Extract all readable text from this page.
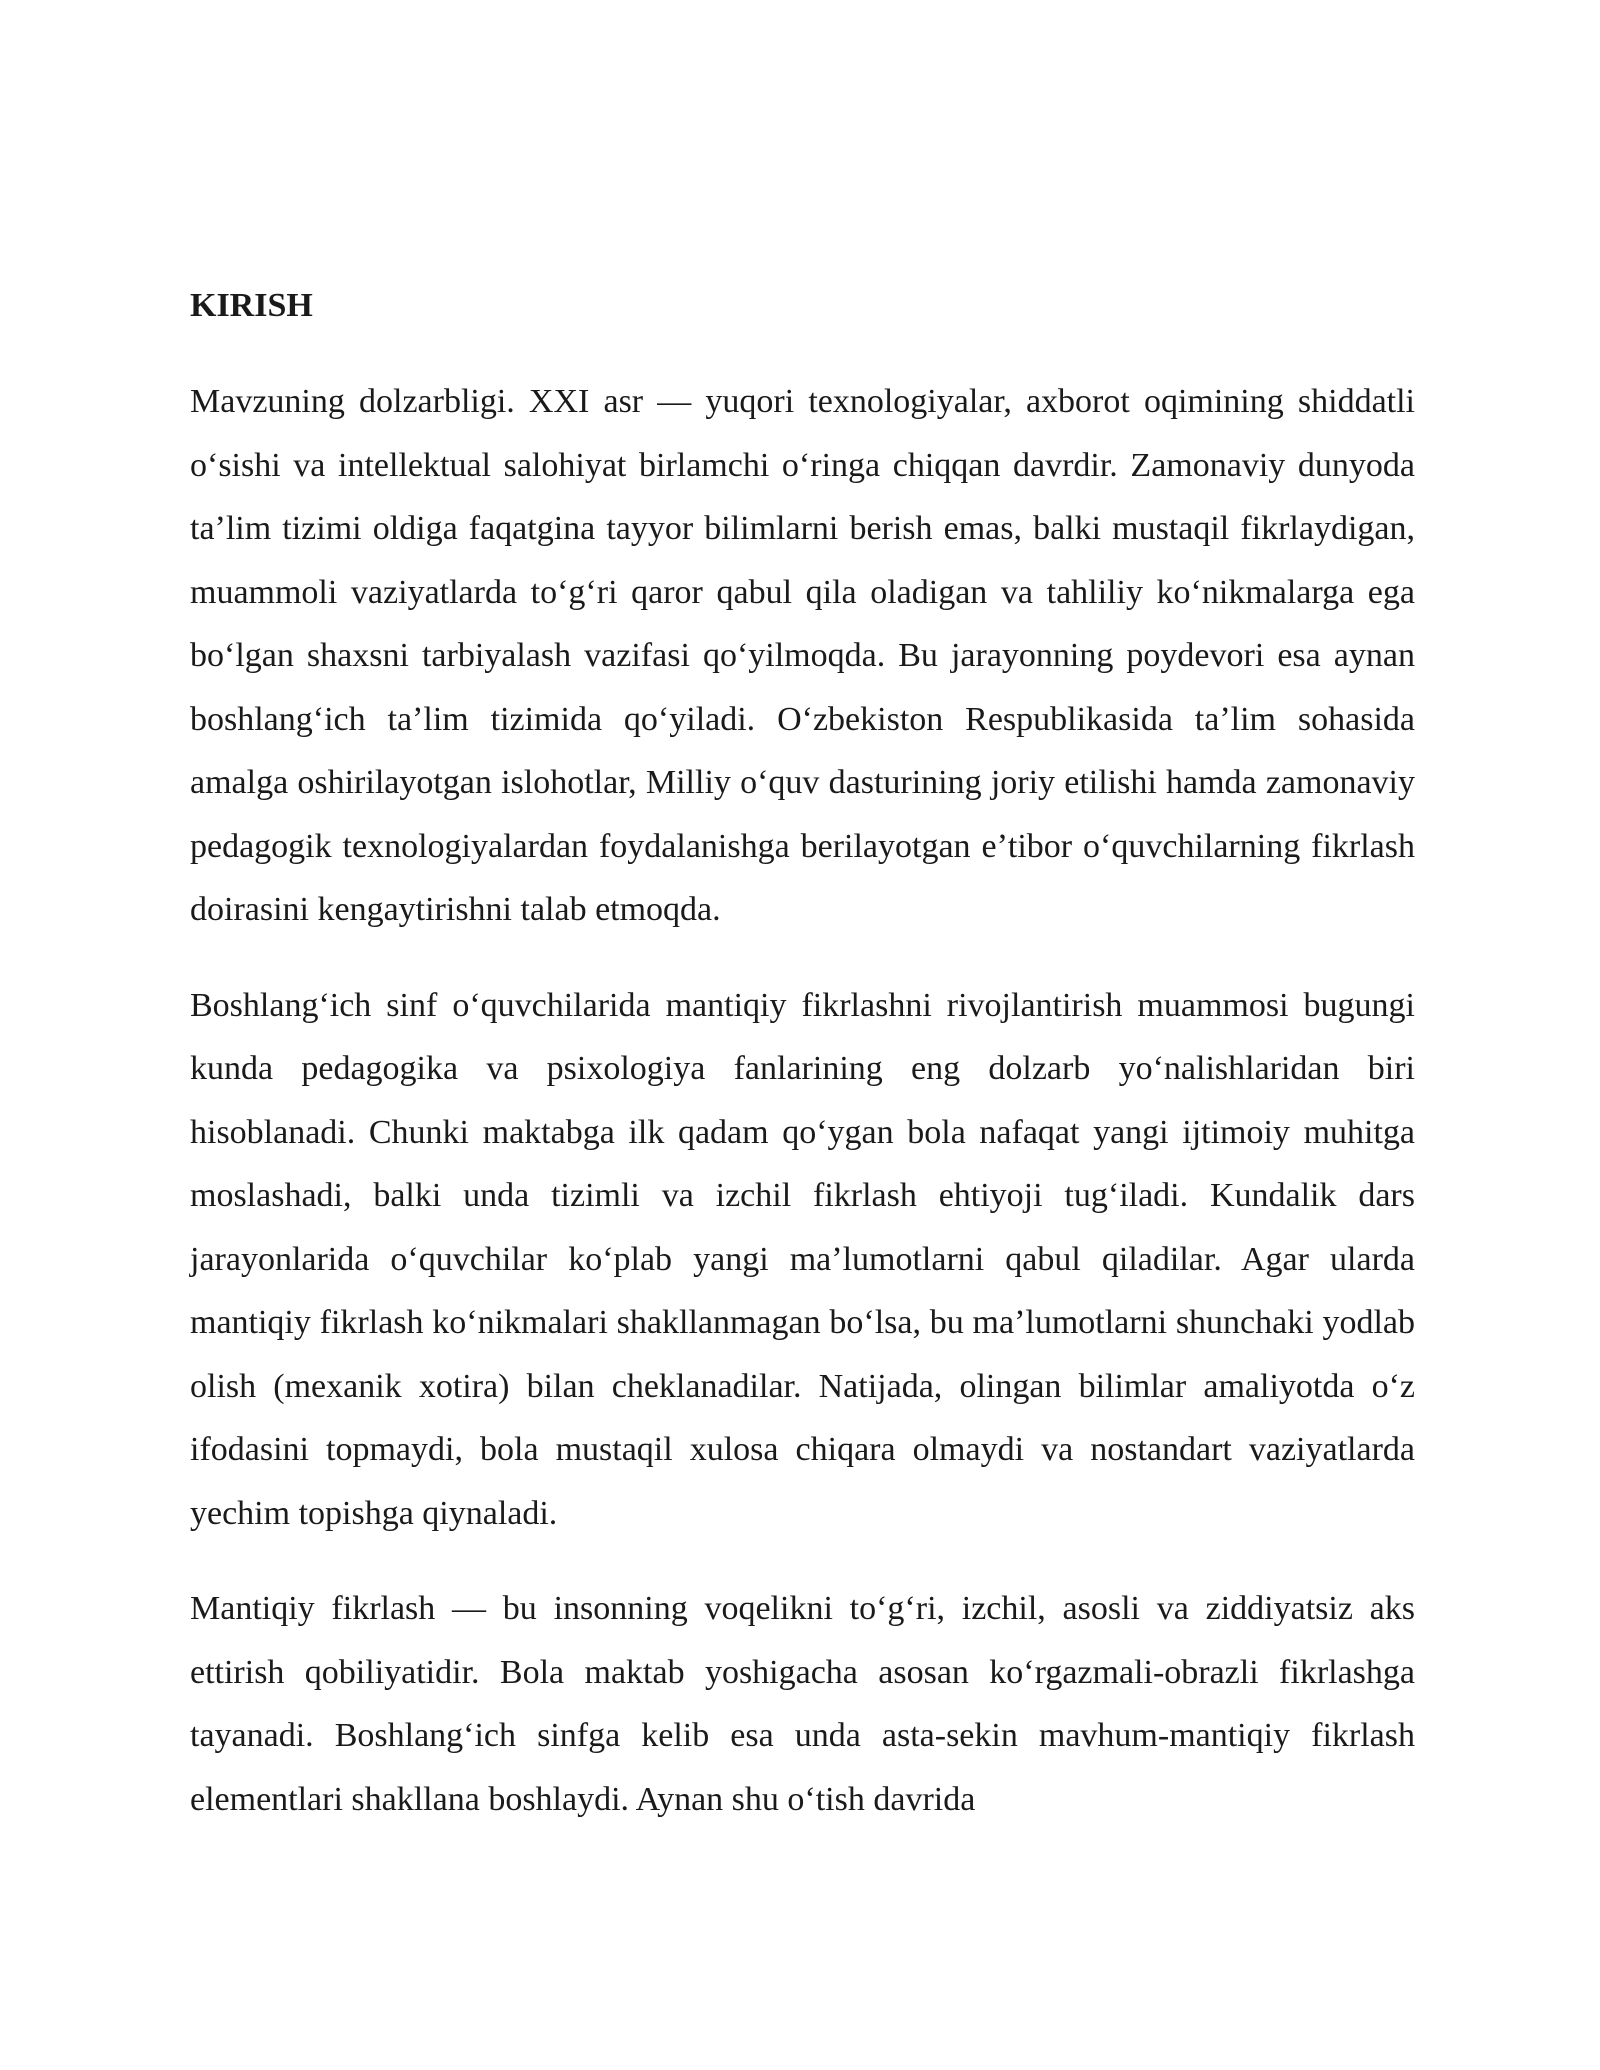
KIRISH

Mavzuning dolzarbligi. XXI asr — yuqori texnologiyalar, axborot oqimining shiddatli oʻsishi va intellektual salohiyat birlamchi oʻringa chiqqan davrdir. Zamonaviy dunyoda taʼlim tizimi oldiga faqatgina tayyor bilimlarni berish emas, balki mustaqil fikrlaydigan, muammoli vaziyatlarda toʻgʻri qaror qabul qila oladigan va tahliliy koʻnikmalarga ega boʻlgan shaxsni tarbiyalash vazifasi qoʻyilmoqda. Bu jarayonning poydevori esa aynan boshlangʻich taʼlim tizimida qoʻyiladi. Oʻzbekiston Respublikasida taʼlim sohasida amalga oshirilayotgan islohotlar, Milliy oʻquv dasturining joriy etilishi hamda zamonaviy pedagogik texnologiyalardan foydalanishga berilayotgan eʼtibor oʻquvchilarning fikrlash doirasini kengaytirishni talab etmoqda.

Boshlangʻich sinf oʻquvchilarida mantiqiy fikrlashni rivojlantirish muammosi bugungi kunda pedagogika va psixologiya fanlarining eng dolzarb yoʻnalishlaridan biri hisoblanadi. Chunki maktabga ilk qadam qoʻygan bola nafaqat yangi ijtimoiy muhitga moslashadi, balki unda tizimli va izchil fikrlash ehtiyoji tugʻiladi. Kundalik dars jarayonlarida oʻquvchilar koʻplab yangi maʼlumotlarni qabul qiladilar. Agar ularda mantiqiy fikrlash koʻnikmalari shakllanmagan boʻlsa, bu maʼlumotlarni shunchaki yodlab olish (mexanik xotira) bilan cheklanadilar. Natijada, olingan bilimlar amaliyotda oʻz ifodasini topmaydi, bola mustaqil xulosa chiqara olmaydi va nostandart vaziyatlarda yechim topishga qiynaladi.

Mantiqiy fikrlash — bu insonning voqelikni toʻgʻri, izchil, asosli va ziddiyatsiz aks ettirish qobiliyatidir. Bola maktab yoshigacha asosan koʻrgazmali-obrazli fikrlashga tayanadi. Boshlangʻich sinfga kelib esa unda asta-sekin mavhum-mantiqiy fikrlash elementlari shakllana boshlaydi. Aynan shu oʻtish davrida
